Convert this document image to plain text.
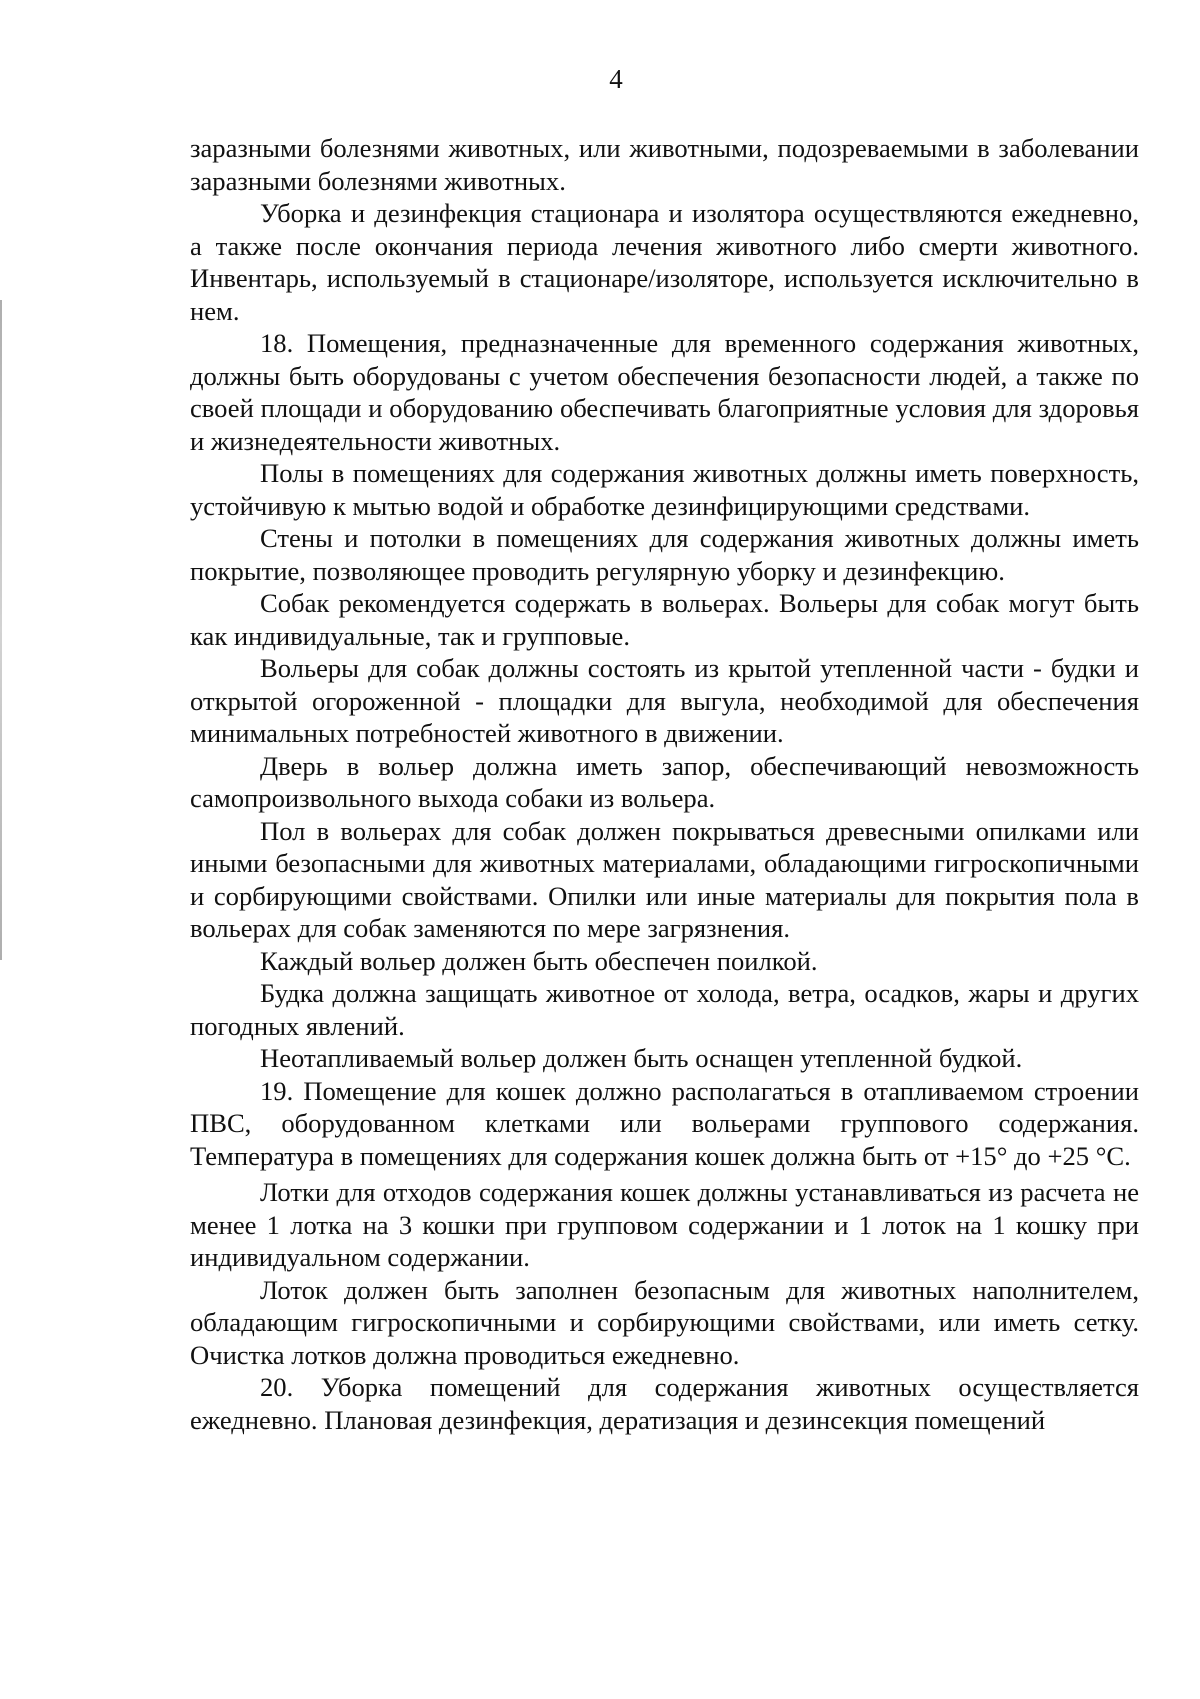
4

заразными болезнями животных, или животными, подозреваемыми в заболевании заразными болезнями животных.

Уборка и дезинфекция стационара и изолятора осуществляются ежедневно, а также после окончания периода лечения животного либо смерти животного. Инвентарь, используемый в стационаре/изоляторе, используется исключительно в нем.

18. Помещения, предназначенные для временного содержания животных, должны быть оборудованы с учетом обеспечения безопасности людей, а также по своей площади и оборудованию обеспечивать благоприятные условия для здоровья и жизнедеятельности животных.

Полы в помещениях для содержания животных должны иметь поверхность, устойчивую к мытью водой и обработке дезинфицирующими средствами.

Стены и потолки в помещениях для содержания животных должны иметь покрытие, позволяющее проводить регулярную уборку и дезинфекцию.

Собак рекомендуется содержать в вольерах. Вольеры для собак могут быть как индивидуальные, так и групповые.

Вольеры для собак должны состоять из крытой утепленной части - будки и открытой огороженной - площадки для выгула, необходимой для обеспечения минимальных потребностей животного в движении.

Дверь в вольер должна иметь запор, обеспечивающий невозможность самопроизвольного выхода собаки из вольера.

Пол в вольерах для собак должен покрываться древесными опилками или иными безопасными для животных материалами, обладающими гигроскопичными и сорбирующими свойствами. Опилки или иные материалы для покрытия пола в вольерах для собак заменяются по мере загрязнения.

Каждый вольер должен быть обеспечен поилкой.

Будка должна защищать животное от холода, ветра, осадков, жары и других погодных явлений.

Неотапливаемый вольер должен быть оснащен утепленной будкой.

19. Помещение для кошек должно располагаться в отапливаемом строении ПВС, оборудованном клетками или вольерами группового содержания. Температура в помещениях для содержания кошек должна быть от +15° до +25 °С.

Лотки для отходов содержания кошек должны устанавливаться из расчета не менее 1 лотка на 3 кошки при групповом содержании и 1 лоток на 1 кошку при индивидуальном содержании.

Лоток должен быть заполнен безопасным для животных наполнителем, обладающим гигроскопичными и сорбирующими свойствами, или иметь сетку. Очистка лотков должна проводиться ежедневно.

20. Уборка помещений для содержания животных осуществляется ежедневно. Плановая дезинфекция, дератизация и дезинсекция помещений
